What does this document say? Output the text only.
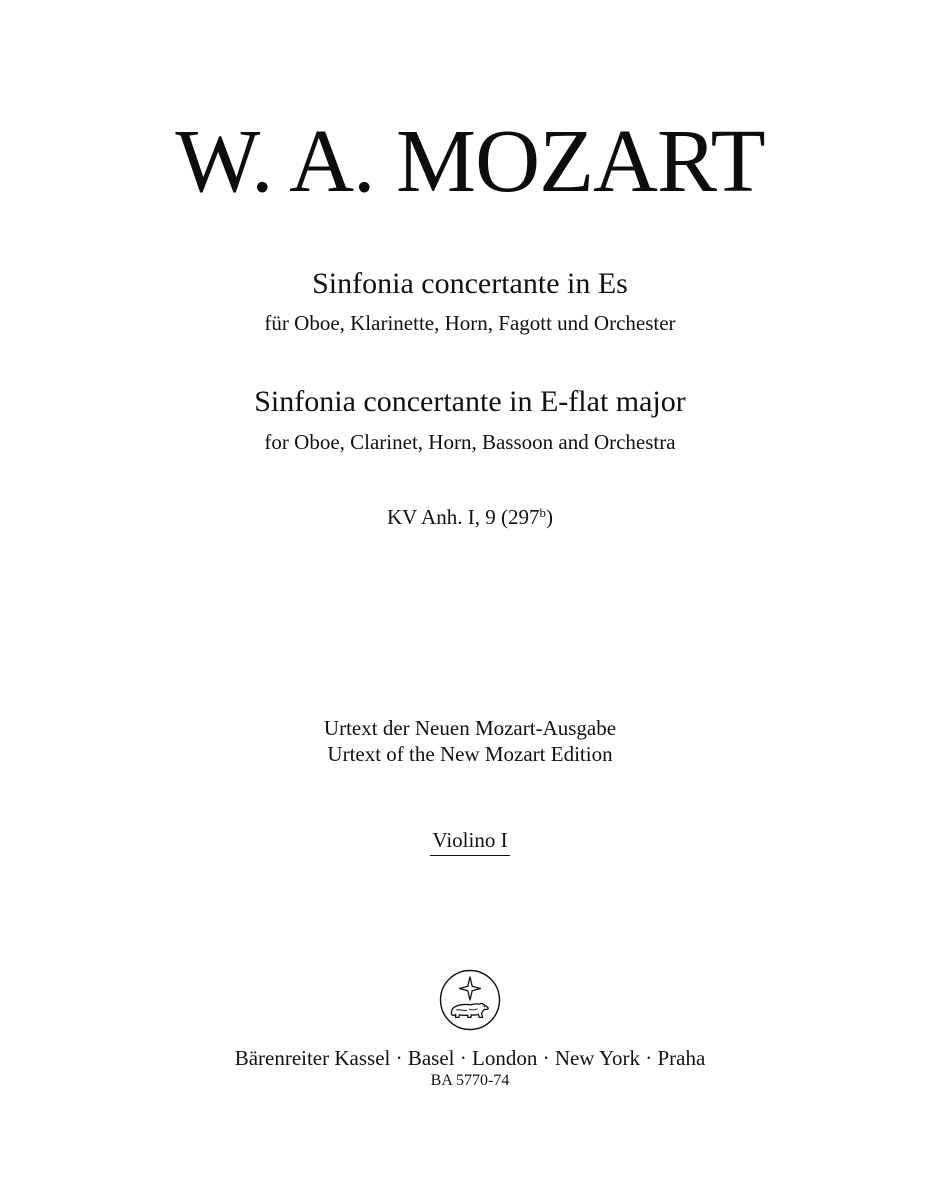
W. A. MOZART
Sinfonia concertante in Es
für Oboe, Klarinette, Horn, Fagott und Orchester
Sinfonia concertante in E-flat major
for Oboe, Clarinet, Horn, Bassoon and Orchestra
KV Anh. I, 9 (297$^b$)
Urtext der Neuen Mozart-Ausgabe
Urtext of the New Mozart Edition
Violino I
Bärenreiter Kassel · Basel · London · New York · Praha
BA 5770-74
